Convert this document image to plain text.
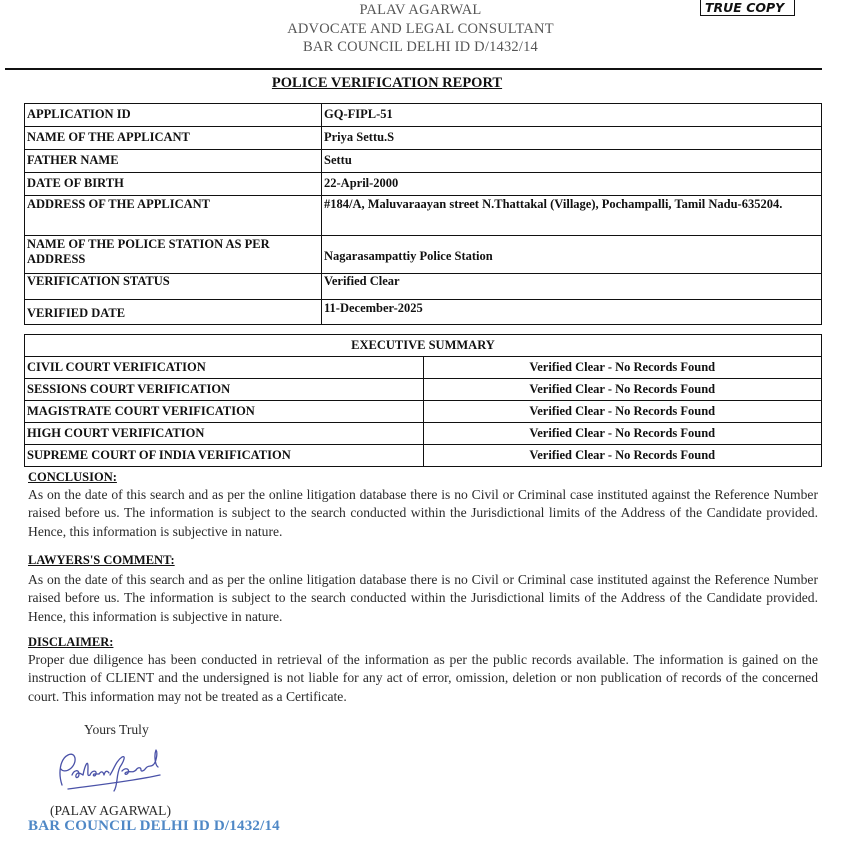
PALAV AGARWAL
ADVOCATE AND LEGAL CONSULTANT
BAR COUNCIL DELHI ID D/1432/14
TRUE COPY
POLICE VERIFICATION REPORT
APPLICATION ID	GQ-FIPL-51
NAME OF THE APPLICANT	Priya Settu.S
FATHER NAME	Settu
DATE OF BIRTH	22-April-2000
ADDRESS OF THE APPLICANT	#184/A, Maluvaraayan street N.Thattakal (Village), Pochampalli, Tamil Nadu-635204.
NAME OF THE POLICE STATION AS PER ADDRESS	Nagarasampattiy Police Station
VERIFICATION STATUS	Verified Clear
VERIFIED DATE	11-December-2025
EXECUTIVE SUMMARY	
CIVIL COURT VERIFICATION	Verified Clear - No Records Found
SESSIONS COURT VERIFICATION	Verified Clear - No Records Found
MAGISTRATE COURT VERIFICATION	Verified Clear - No Records Found
HIGH COURT VERIFICATION	Verified Clear - No Records Found
SUPREME COURT OF INDIA VERIFICATION	Verified Clear - No Records Found
CONCLUSION:
As on the date of this search and as per the online litigation database there is no Civil or Criminal case instituted against the Reference Number raised before us. The information is subject to the search conducted within the Jurisdictional limits of the Address of the Candidate provided. Hence, this information is subjective in nature.
LAWYERS'S COMMENT:
As on the date of this search and as per the online litigation database there is no Civil or Criminal case instituted against the Reference Number raised before us. The information is subject to the search conducted within the Jurisdictional limits of the Address of the Candidate provided. Hence, this information is subjective in nature.
DISCLAIMER:
Proper due diligence has been conducted in retrieval of the information as per the public records available. The information is gained on the instruction of CLIENT and the undersigned is not liable for any act of error, omission, deletion or non publication of records of the concerned court. This information may not be treated as a Certificate.
Yours Truly
(PALAV AGARWAL)
BAR COUNCIL DELHI ID D/1432/14
